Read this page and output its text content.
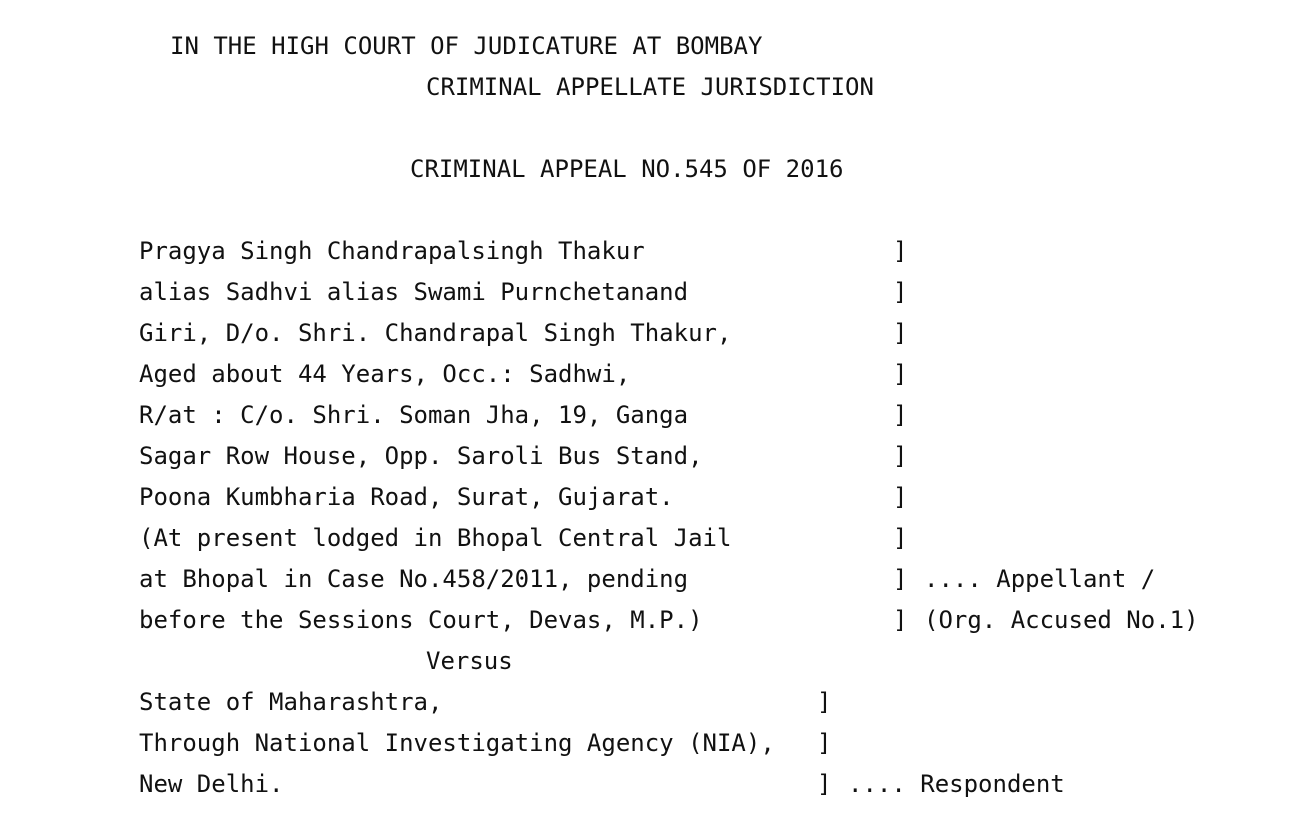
IN THE HIGH COURT OF JUDICATURE AT BOMBAY
CRIMINAL APPELLATE JURISDICTION
CRIMINAL APPEAL NO.545 OF 2016
Pragya Singh Chandrapalsingh Thakur	]
alias Sadhvi alias Swami Purnchetanand	]
Giri, D/o. Shri. Chandrapal Singh Thakur,	]
Aged about 44 Years, Occ.: Sadhwi,	]
R/at : C/o. Shri. Soman Jha, 19, Ganga	]
Sagar Row House, Opp. Saroli Bus Stand,	]
Poona Kumbharia Road, Surat, Gujarat.	]
(At present lodged in Bhopal Central Jail	]
at Bhopal in Case No.458/2011, pending	] .... Appellant /
before the Sessions Court, Devas, M.P.)	] (Org. Accused No.1)
Versus
State of Maharashtra,	]
Through National Investigating Agency (NIA), ]
New Delhi.	] .... Respondent
